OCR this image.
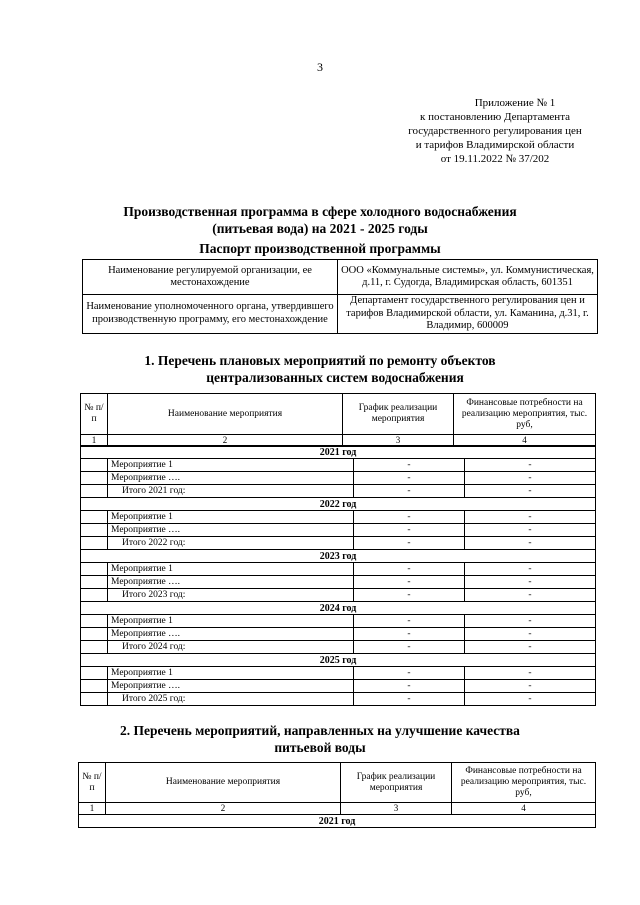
3
Приложение № 1
к постановлению Департамента
государственного регулирования цен
и тарифов Владимирской области
от 19.11.2022 № 37/202
Производственная программа в сфере холодного водоснабжения
(питьевая вода) на 2021 - 2025 годы
Паспорт производственной программы
Наименование регулируемой организации, ее местонахождение	ООО «Коммунальные системы», ул. Коммунистическая, д.11, г. Судогда, Владимирская область, 601351
Наименование уполномоченного органа, утвердившего производственную программу, его местонахождение	Департамент государственного регулирования цен и тарифов Владимирской области, ул. Каманина, д.31, г. Владимир, 600009
1. Перечень плановых мероприятий по ремонту объектов
централизованных систем водоснабжения
№ п/п	Наименование мероприятия	График реализации мероприятия	Финансовые потребности на реализацию мероприятия, тыс. руб,
1	2	3	4
2021 год			
	Мероприятие 1	-	-
	Мероприятие ….	-	-
	Итого 2021 год:	-	-
2022 год			
	Мероприятие 1	-	-
	Мероприятие ….	-	-
	Итого 2022 год:	-	-
2023 год			
	Мероприятие 1	-	-
	Мероприятие ….	-	-
	Итого 2023 год:	-	-
2024 год			
	Мероприятие 1	-	-
	Мероприятие ….	-	-
	Итого 2024 год:	-	-
2025 год			
	Мероприятие 1	-	-
	Мероприятие ….	-	-
	Итого 2025 год:	-	-
2. Перечень мероприятий, направленных на улучшение качества
питьевой воды
№ п/п	Наименование мероприятия	График реализации мероприятия	Финансовые потребности на реализацию мероприятия, тыс. руб,
1	2	3	4
2021 год			
